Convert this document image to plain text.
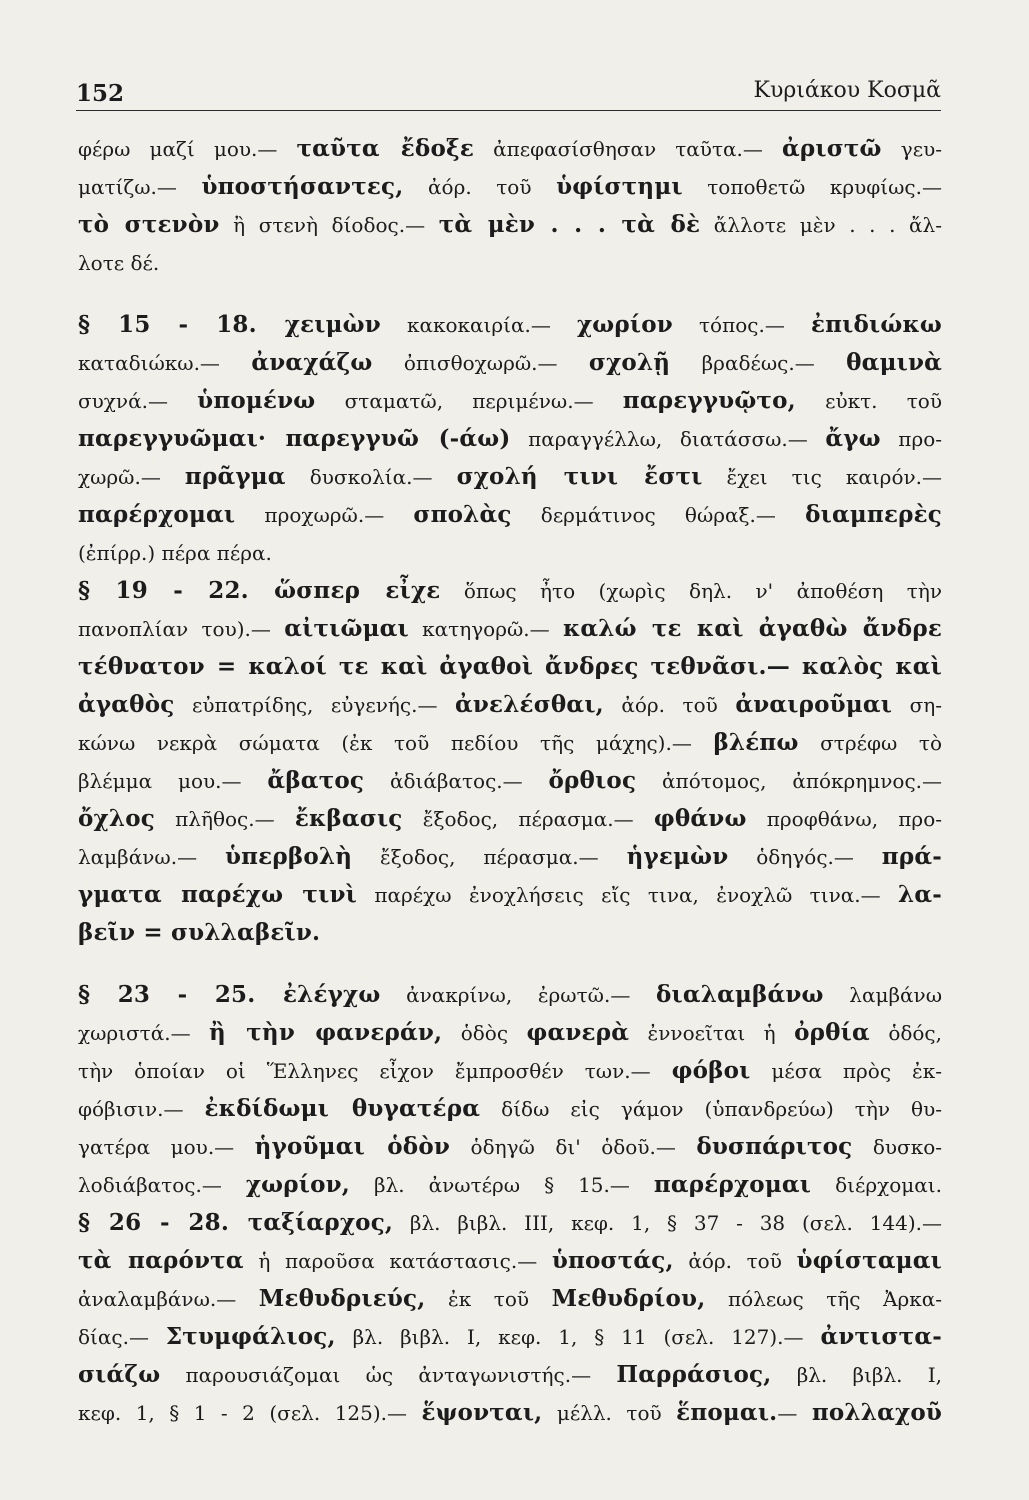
152	Κυριάκου Κοσμᾶ
φέρω μαζί μου.— ταῦτα ἔδοξε ἀπεφασίσθησαν ταῦτα.— ἀριστῶ γευ-
ματίζω.— ὑποστήσαντες, ἀόρ. τοῦ ὑφίστημι τοποθετῶ κρυφίως.—
τὸ στενὸν ἢ στενὴ δίοδος.— τὰ μὲν . . . τὰ δὲ ἄλλοτε μὲν . . . ἄλ-
λοτε δέ.
§ 15 - 18. χειμὼν κακοκαιρία.— χωρίον τόπος.— ἐπιδιώκω
καταδιώκω.— ἀναχάζω ὀπισθοχωρῶ.— σχολῇ βραδέως.— θαμινὰ
συχνά.— ὑπομένω σταματῶ, περιμένω.— παρεγγυῷτο, εὐκτ. τοῦ
παρεγγυῶμαι· παρεγγυῶ (-άω) παραγγέλλω, διατάσσω.— ἄγω προ-
χωρῶ.— πρᾶγμα δυσκολία.— σχολή τινι ἔστι ἔχει τις καιρόν.—
παρέρχομαι προχωρῶ.— σπολὰς δερμάτινος θώραξ.— διαμπερὲς
(ἐπίρρ.) πέρα πέρα.
§ 19 - 22. ὥσπερ εἶχε ὅπως ἦτο (χωρὶς δηλ. ν' ἀποθέση τὴν
πανοπλίαν του).— αἰτιῶμαι κατηγορῶ.— καλώ τε καὶ ἀγαθὼ ἄνδρε
τέθνατον = καλοί τε καὶ ἀγαθοὶ ἄνδρες τεθνᾶσι.— καλὸς καὶ
ἀγαθὸς εὐπατρίδης, εὐγενής.— ἀνελέσθαι, ἀόρ. τοῦ ἀναιροῦμαι ση-
κώνω νεκρὰ σώματα (ἐκ τοῦ πεδίου τῆς μάχης).— βλέπω στρέφω τὸ
βλέμμα μου.— ἄβατος ἀδιάβατος.— ὄρθιος ἀπότομος, ἀπόκρημνος.—
ὄχλος πλῆθος.— ἔκβασις ἔξοδος, πέρασμα.— φθάνω προφθάνω, προ-
λαμβάνω.— ὑπερβολὴ ἔξοδος, πέρασμα.— ἡγεμὼν ὁδηγός.— πρά-
γματα παρέχω τινὶ παρέχω ἐνοχλήσεις εἴς τινα, ἐνοχλῶ τινα.— λα-
βεῖν = συλλαβεῖν.
§ 23 - 25. ἐλέγχω ἀνακρίνω, ἐρωτῶ.— διαλαμβάνω λαμβάνω
χωριστά.— ἢ τὴν φανεράν, ὁδὸς φανερὰ ἐννοεῖται ἡ ὀρθία ὁδός,
τὴν ὁποίαν οἱ Ἕλληνες εἶχον ἔμπροσθέν των.— φόβοι μέσα πρὸς ἐκ-
φόβισιν.— ἐκδίδωμι θυγατέρα δίδω εἰς γάμον (ὑπανδρεύω) τὴν θυ-
γατέρα μου.— ἡγοῦμαι ὁδὸν ὁδηγῶ δι' ὁδοῦ.— δυσπάριτος δυσκο-
λοδιάβατος.— χωρίον, βλ. ἀνωτέρω § 15.— παρέρχομαι διέρχομαι.
§ 26 - 28. ταξίαρχος, βλ. βιβλ. III, κεφ. 1, § 37 - 38 (σελ. 144).—
τὰ παρόντα ἡ παροῦσα κατάστασις.— ὑποστάς, ἀόρ. τοῦ ὑφίσταμαι
ἀναλαμβάνω.— Μεθυδριεύς, ἐκ τοῦ Μεθυδρίου, πόλεως τῆς Ἀρκα-
δίας.— Στυμφάλιος, βλ. βιβλ. I, κεφ. 1, § 11 (σελ. 127).— ἀντιστα-
σιάζω παρουσιάζομαι ὡς ἀνταγωνιστής.— Παρράσιος, βλ. βιβλ. I,
κεφ. 1, § 1 - 2 (σελ. 125).— ἕψονται, μέλλ. τοῦ ἕπομαι.— πολλαχοῦ
